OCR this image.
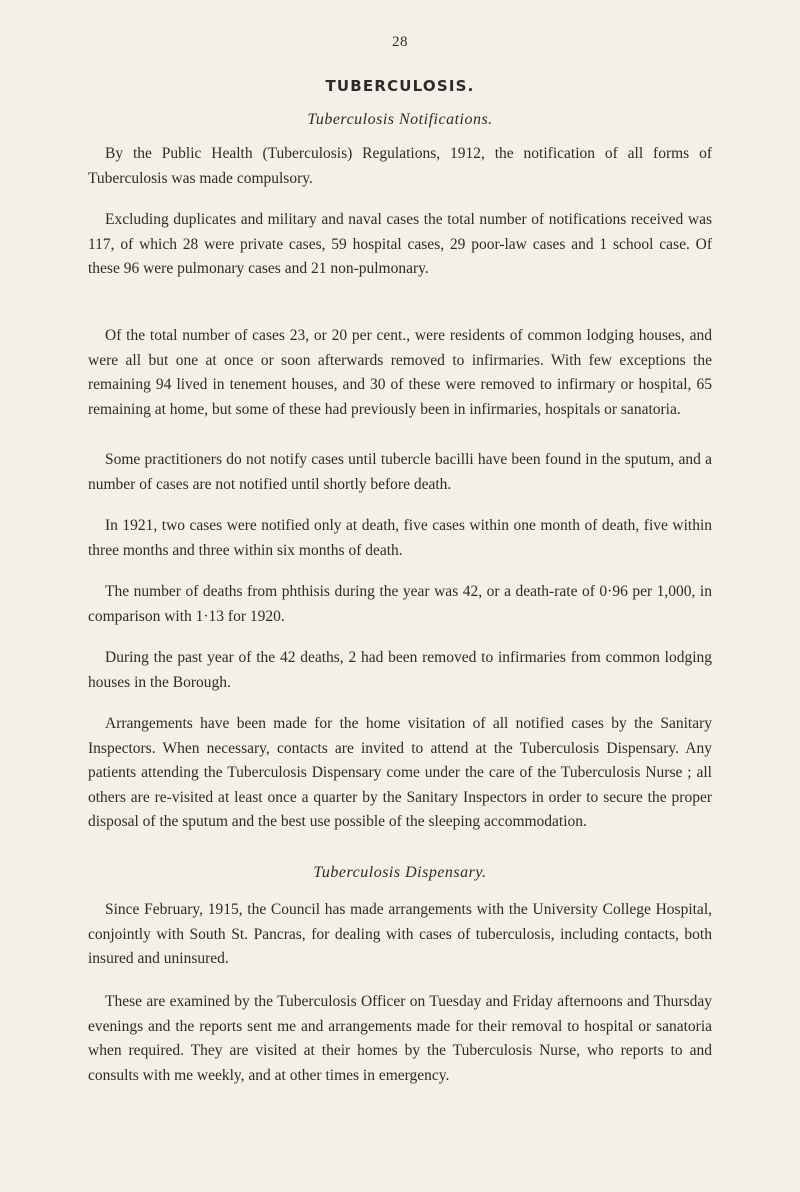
28
TUBERCULOSIS.
Tuberculosis Notifications.

By the Public Health (Tuberculosis) Regulations, 1912, the notification of all forms of Tuberculosis was made compulsory.

Excluding duplicates and military and naval cases the total number of notifications received was 117, of which 28 were private cases, 59 hospital cases, 29 poor-law cases and 1 school case. Of these 96 were pulmonary cases and 21 non-pulmonary.

Of the total number of cases 23, or 20 per cent., were residents of common lodging houses, and were all but one at once or soon afterwards removed to infirmaries. With few exceptions the remaining 94 lived in tenement houses, and 30 of these were removed to infirmary or hospital, 65 remaining at home, but some of these had previously been in infirmaries, hospitals or sanatoria.

Some practitioners do not notify cases until tubercle bacilli have been found in the sputum, and a number of cases are not notified until shortly before death.

In 1921, two cases were notified only at death, five cases within one month of death, five within three months and three within six months of death.

The number of deaths from phthisis during the year was 42, or a death-rate of 0·96 per 1,000, in comparison with 1·13 for 1920.

During the past year of the 42 deaths, 2 had been removed to infirmaries from common lodging houses in the Borough.

Arrangements have been made for the home visitation of all notified cases by the Sanitary Inspectors. When necessary, contacts are invited to attend at the Tuberculosis Dispensary. Any patients attending the Tuberculosis Dispensary come under the care of the Tuberculosis Nurse ; all others are re-visited at least once a quarter by the Sanitary Inspectors in order to secure the proper disposal of the sputum and the best use possible of the sleeping accommodation.

Tuberculosis Dispensary.

Since February, 1915, the Council has made arrangements with the University College Hospital, conjointly with South St. Pancras, for dealing with cases of tuberculosis, including contacts, both insured and uninsured.

These are examined by the Tuberculosis Officer on Tuesday and Friday afternoons and Thursday evenings and the reports sent me and arrangements made for their removal to hospital or sanatoria when required. They are visited at their homes by the Tuberculosis Nurse, who reports to and consults with me weekly, and at other times in emergency.
